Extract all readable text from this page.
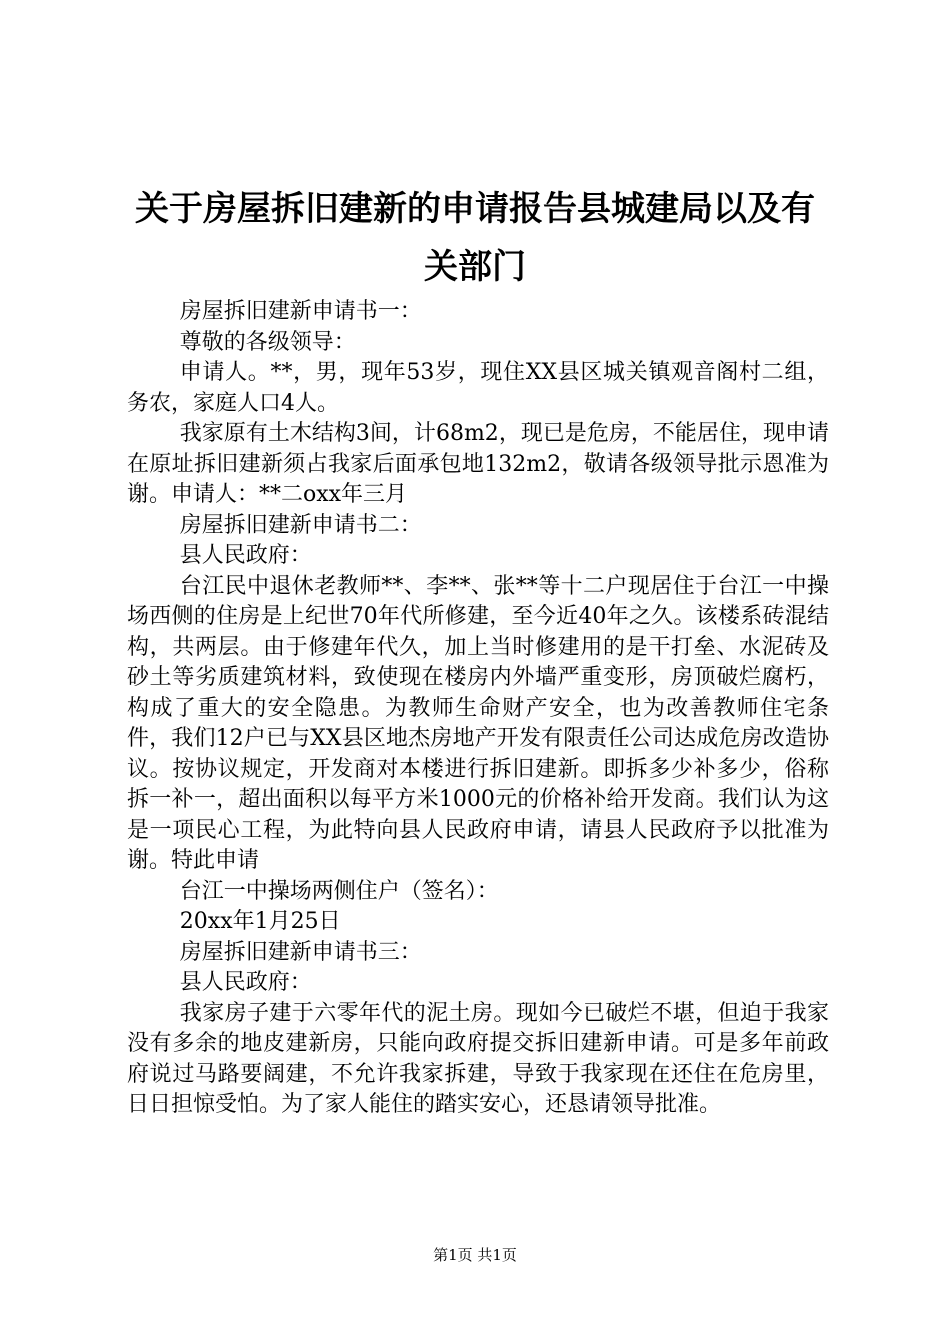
关于房屋拆旧建新的申请报告县城建局以及有关部门

房屋拆旧建新申请书一：

尊敬的各级领导：

申请人。**，男，现年53岁，现住XX县区城关镇观音阁村二组，务农，家庭人口4人。

我家原有土木结构3间，计68m2，现已是危房，不能居住，现申请在原址拆旧建新须占我家后面承包地132m2，敬请各级领导批示恩准为谢。申请人：**二oxx年三月

房屋拆旧建新申请书二：

县人民政府：

台江民中退休老教师**、李**、张**等十二户现居住于台江一中操场西侧的住房是上纪世70年代所修建，至今近40年之久。该楼系砖混结构，共两层。由于修建年代久，加上当时修建用的是干打垒、水泥砖及砂土等劣质建筑材料，致使现在楼房内外墙严重变形，房顶破烂腐朽，构成了重大的安全隐患。为教师生命财产安全，也为改善教师住宅条件，我们12户已与XX县区地杰房地产开发有限责任公司达成危房改造协议。按协议规定，开发商对本楼进行拆旧建新。即拆多少补多少，俗称拆一补一，超出面积以每平方米1000元的价格补给开发商。我们认为这是一项民心工程，为此特向县人民政府申请，请县人民政府予以批准为谢。特此申请

台江一中操场两侧住户（签名）：

20xx年1月25日

房屋拆旧建新申请书三：

县人民政府：

我家房子建于六零年代的泥土房。现如今已破烂不堪，但迫于我家没有多余的地皮建新房，只能向政府提交拆旧建新申请。可是多年前政府说过马路要阔建，不允许我家拆建，导致于我家现在还住在危房里，日日担惊受怕。为了家人能住的踏实安心，还恳请领导批准。

第1页 共1页
